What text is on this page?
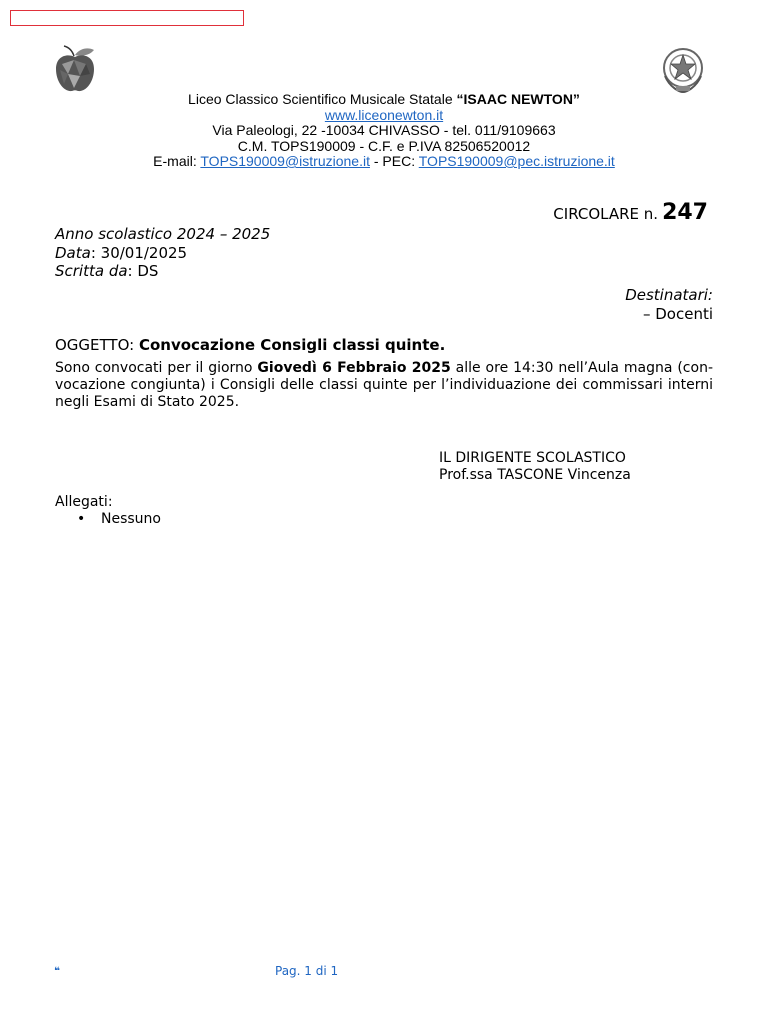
Liceo Classico Scientifico Musicale Statale “ISAAC NEWTON”
www.liceonewton.it
Via Paleologi, 22 -10034 CHIVASSO - tel. 011/9109663
C.M. TOPS190009 - C.F. e P.IVA 82506520012
E-mail: TOPS190009@istruzione.it - PEC: TOPS190009@pec.istruzione.it
CIRCOLARE n. 247
Anno scolastico 2024 – 2025
Data: 30/01/2025
Scritta da: DS
Destinatari:
– Docenti
OGGETTO: Convocazione Consigli classi quinte.
Sono convocati per il giorno Giovedì 6 Febbraio 2025 alle ore 14:30 nell’Aula magna (con-vocazione congiunta) i Consigli delle classi quinte per l’individuazione dei commissari interni negli Esami di Stato 2025.
IL DIRIGENTE SCOLASTICO
Prof.ssa TASCONE Vincenza
Allegati:
• Nessuno
❝	Pag. 1 di 1
